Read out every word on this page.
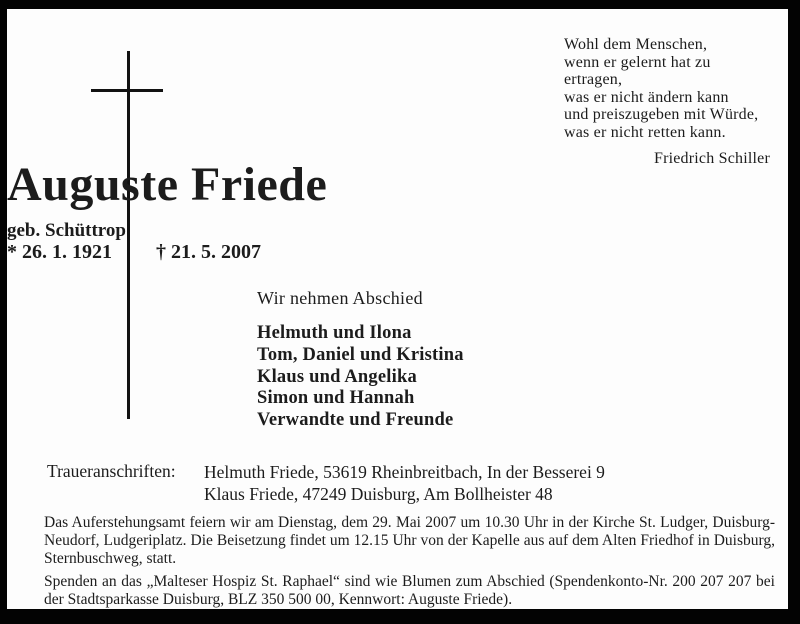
Wohl dem Menschen,
wenn er gelernt hat zu ertragen,
was er nicht ändern kann
und preiszugeben mit Würde,
was er nicht retten kann.
Friedrich Schiller
Auguste Friede
geb. Schüttrop
* 26. 1. 1921 † 21. 5. 2007
Wir nehmen Abschied
Helmuth und Ilona
Tom, Daniel und Kristina
Klaus und Angelika
Simon und Hannah
Verwandte und Freunde
Traueranschriften: Helmuth Friede, 53619 Rheinbreitbach, In der Besserei 9
Klaus Friede, 47249 Duisburg, Am Bollheister 48
Das Auferstehungsamt feiern wir am Dienstag, dem 29. Mai 2007 um 10.30 Uhr in der Kirche St. Ludger, Duisburg-Neudorf, Ludgeriplatz. Die Beisetzung findet um 12.15 Uhr von der Kapelle aus auf dem Alten Friedhof in Duisburg, Sternbuschweg, statt.
Spenden an das „Malteser Hospiz St. Raphael“ sind wie Blumen zum Abschied (Spendenkonto-Nr. 200 207 207 bei der Stadtsparkasse Duisburg, BLZ 350 500 00, Kennwort: Auguste Friede).
